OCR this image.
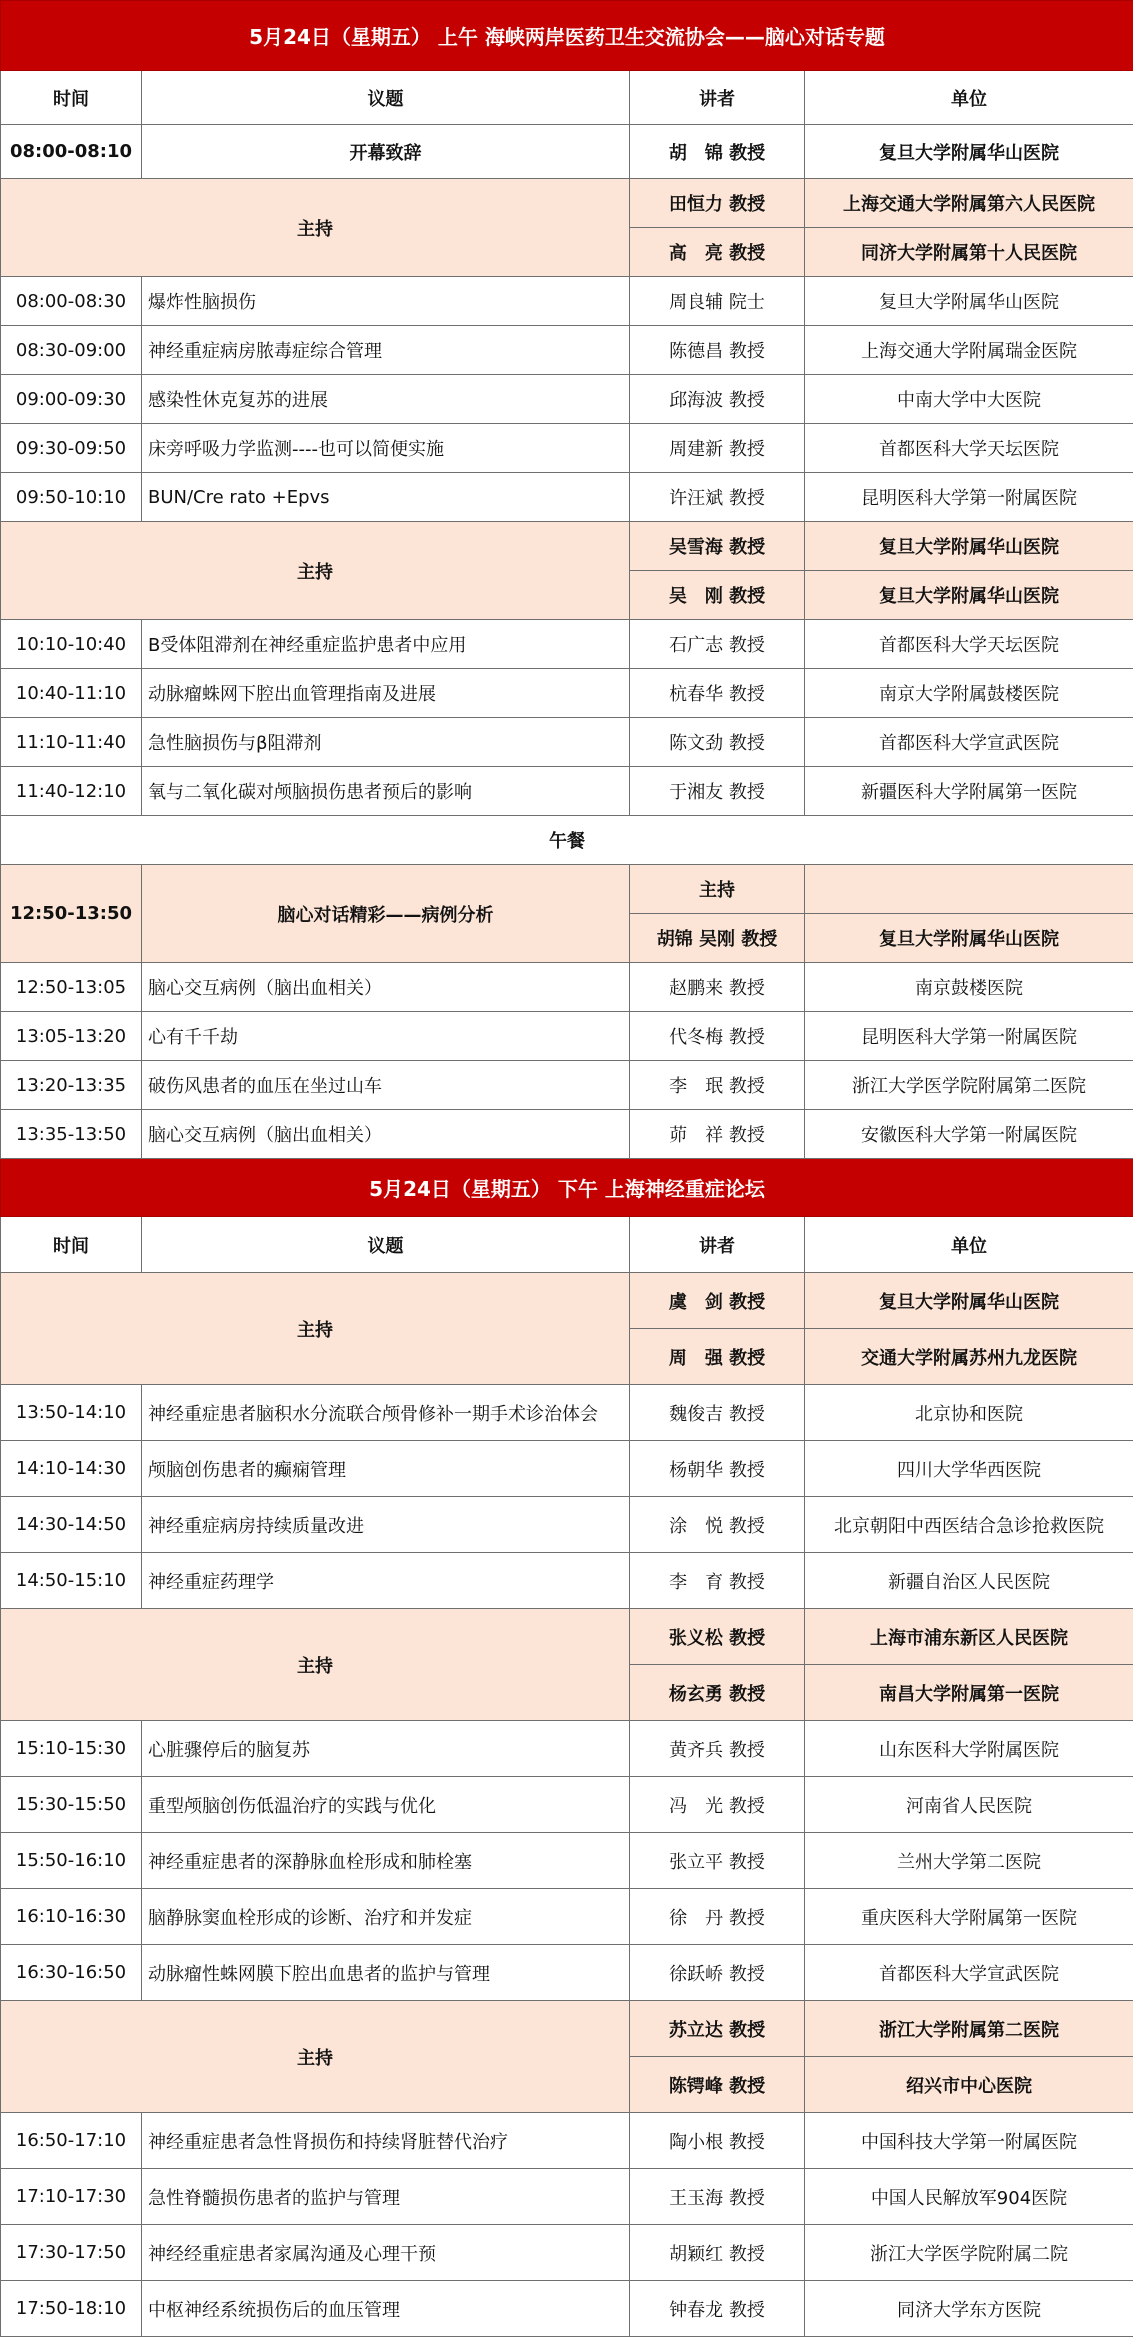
5月24日（星期五） 上午 海峡两岸医药卫生交流协会——脑心对话专题			
时间	议题	讲者	单位
08:00-08:10	开幕致辞	胡　锦 教授	复旦大学附属华山医院
主持		田恒力 教授	上海交通大学附属第六人民医院
		高　亮 教授	同济大学附属第十人民医院
08:00-08:30	爆炸性脑损伤	周良辅 院士	复旦大学附属华山医院
08:30-09:00	神经重症病房脓毒症综合管理	陈德昌 教授	上海交通大学附属瑞金医院
09:00-09:30	感染性休克复苏的进展	邱海波 教授	中南大学中大医院
09:30-09:50	床旁呼吸力学监测----也可以简便实施	周建新 教授	首都医科大学天坛医院
09:50-10:10	BUN/Cre rato +Epvs	许汪斌 教授	昆明医科大学第一附属医院
主持		吴雪海 教授	复旦大学附属华山医院
		吴　刚 教授	复旦大学附属华山医院
10:10-10:40	B受体阻滞剂在神经重症监护患者中应用	石广志 教授	首都医科大学天坛医院
10:40-11:10	动脉瘤蛛网下腔出血管理指南及进展	杭春华 教授	南京大学附属鼓楼医院
11:10-11:40	急性脑损伤与β阻滞剂	陈文劲 教授	首都医科大学宣武医院
11:40-12:10	氧与二氧化碳对颅脑损伤患者预后的影响	于湘友 教授	新疆医科大学附属第一医院
午餐			
12:50-13:50	脑心对话精彩——病例分析	主持	
		胡锦 吴刚 教授	复旦大学附属华山医院
12:50-13:05	脑心交互病例（脑出血相关）	赵鹏来 教授	南京鼓楼医院
13:05-13:20	心有千千劫	代冬梅 教授	昆明医科大学第一附属医院
13:20-13:35	破伤风患者的血压在坐过山车	李　珉 教授	浙江大学医学院附属第二医院
13:35-13:50	脑心交互病例（脑出血相关）	茆　祥 教授	安徽医科大学第一附属医院
5月24日（星期五） 下午 上海神经重症论坛			
时间	议题	讲者	单位
主持		虞　剑 教授	复旦大学附属华山医院
		周　强 教授	交通大学附属苏州九龙医院
13:50-14:10	神经重症患者脑积水分流联合颅骨修补一期手术诊治体会	魏俊吉 教授	北京协和医院
14:10-14:30	颅脑创伤患者的癫痫管理	杨朝华 教授	四川大学华西医院
14:30-14:50	神经重症病房持续质量改进	涂　悦 教授	北京朝阳中西医结合急诊抢救医院
14:50-15:10	神经重症药理学	李　育 教授	新疆自治区人民医院
主持		张义松 教授	上海市浦东新区人民医院
		杨玄勇 教授	南昌大学附属第一医院
15:10-15:30	心脏骤停后的脑复苏	黄齐兵 教授	山东医科大学附属医院
15:30-15:50	重型颅脑创伤低温治疗的实践与优化	冯　光 教授	河南省人民医院
15:50-16:10	神经重症患者的深静脉血栓形成和肺栓塞	张立平 教授	兰州大学第二医院
16:10-16:30	脑静脉窦血栓形成的诊断、治疗和并发症	徐　丹 教授	重庆医科大学附属第一医院
16:30-16:50	动脉瘤性蛛网膜下腔出血患者的监护与管理	徐跃峤 教授	首都医科大学宣武医院
主持		苏立达 教授	浙江大学附属第二医院
		陈锷峰 教授	绍兴市中心医院
16:50-17:10	神经重症患者急性肾损伤和持续肾脏替代治疗	陶小根 教授	中国科技大学第一附属医院
17:10-17:30	急性脊髓损伤患者的监护与管理	王玉海 教授	中国人民解放军904医院
17:30-17:50	神经经重症患者家属沟通及心理干预	胡颖红 教授	浙江大学医学院附属二院
17:50-18:10	中枢神经系统损伤后的血压管理	钟春龙 教授	同济大学东方医院
